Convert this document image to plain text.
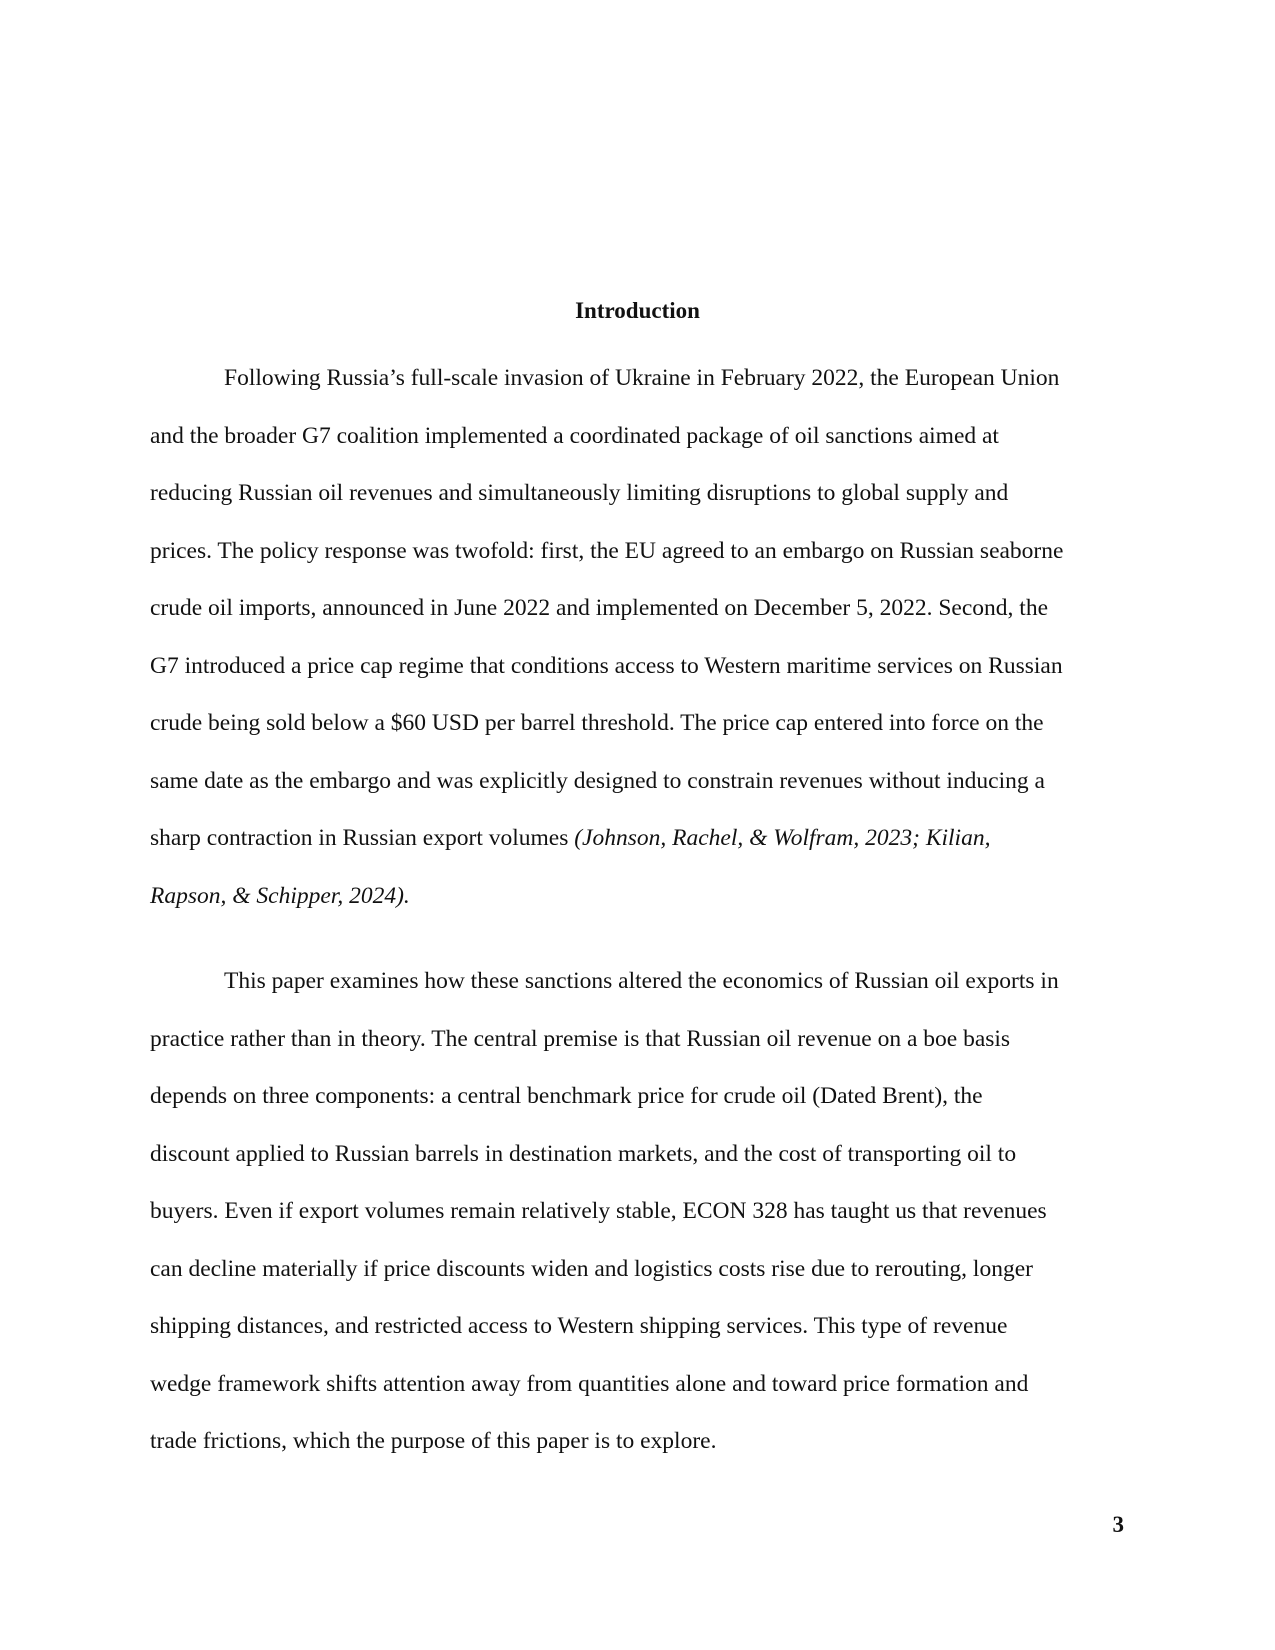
Introduction
Following Russia’s full-scale invasion of Ukraine in February 2022, the European Union
and the broader G7 coalition implemented a coordinated package of oil sanctions aimed at
reducing Russian oil revenues and simultaneously limiting disruptions to global supply and
prices. The policy response was twofold: first, the EU agreed to an embargo on Russian seaborne
crude oil imports, announced in June 2022 and implemented on December 5, 2022. Second, the
G7 introduced a price cap regime that conditions access to Western maritime services on Russian
crude being sold below a $60 USD per barrel threshold. The price cap entered into force on the
same date as the embargo and was explicitly designed to constrain revenues without inducing a
sharp contraction in Russian export volumes (Johnson, Rachel, & Wolfram, 2023; Kilian,
Rapson, & Schipper, 2024).
This paper examines how these sanctions altered the economics of Russian oil exports in
practice rather than in theory. The central premise is that Russian oil revenue on a boe basis
depends on three components: a central benchmark price for crude oil (Dated Brent), the
discount applied to Russian barrels in destination markets, and the cost of transporting oil to
buyers. Even if export volumes remain relatively stable, ECON 328 has taught us that revenues
can decline materially if price discounts widen and logistics costs rise due to rerouting, longer
shipping distances, and restricted access to Western shipping services. This type of revenue
wedge framework shifts attention away from quantities alone and toward price formation and
trade frictions, which the purpose of this paper is to explore.
3
